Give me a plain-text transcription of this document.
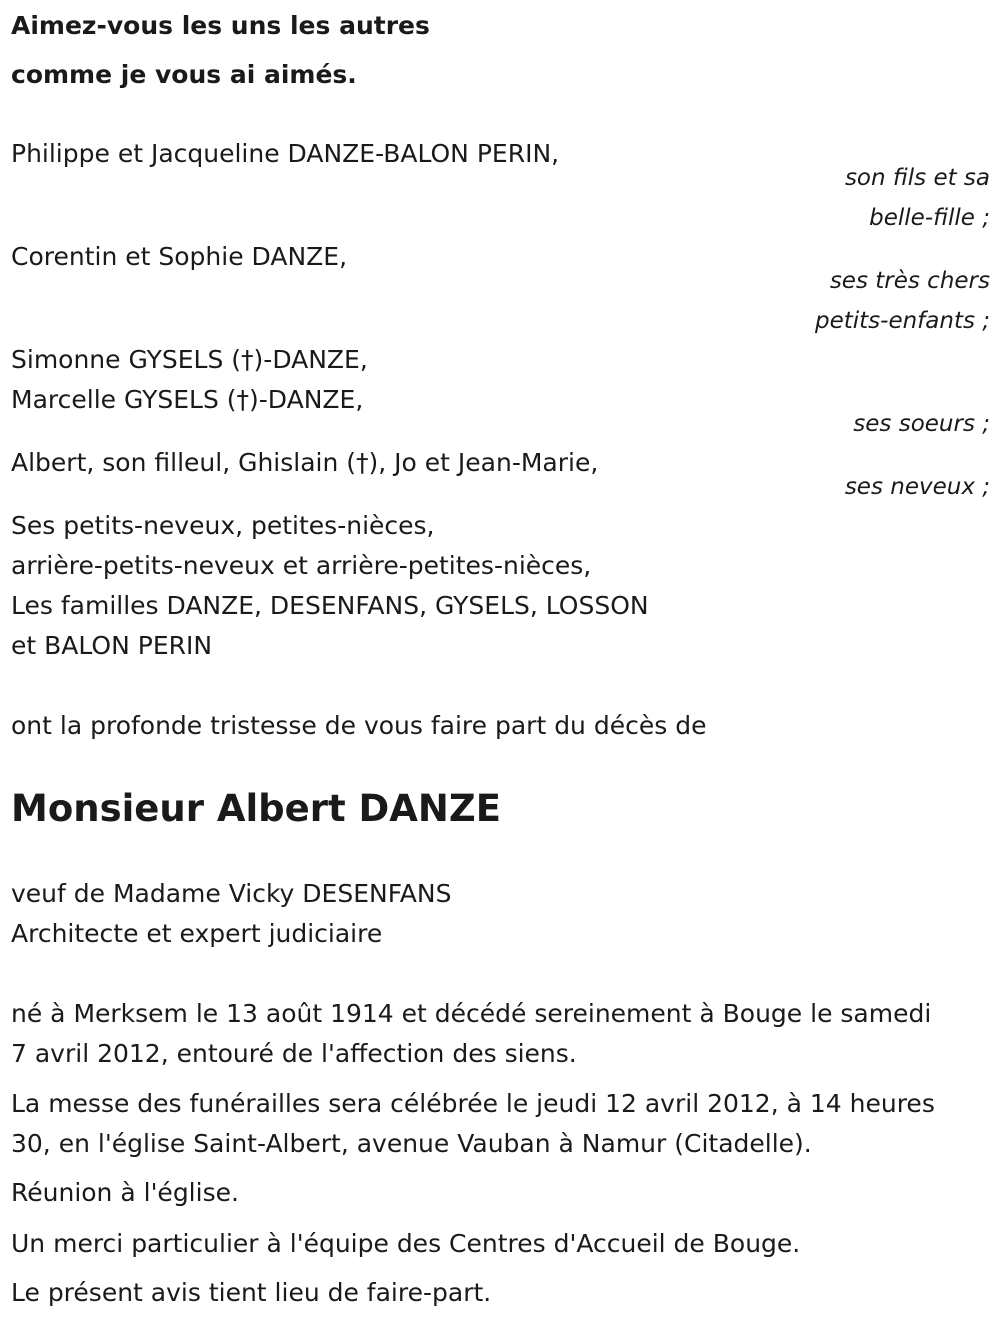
Aimez-vous les uns les autres
comme je vous ai aimés.
Philippe et Jacqueline DANZE-BALON PERIN,
son fils et sa
belle-fille ;
Corentin et Sophie DANZE,
ses très chers
petits-enfants ;
Simonne GYSELS (†)-DANZE,
Marcelle GYSELS (†)-DANZE,
ses soeurs ;
Albert, son filleul, Ghislain (†), Jo et Jean-Marie,
ses neveux ;
Ses petits-neveux, petites-nièces,
arrière-petits-neveux et arrière-petites-nièces,
Les familles DANZE, DESENFANS, GYSELS, LOSSON
et BALON PERIN
ont la profonde tristesse de vous faire part du décès de
Monsieur Albert DANZE
veuf de Madame Vicky DESENFANS
Architecte et expert judiciaire
né à Merksem le 13 août 1914 et décédé sereinement à Bouge le samedi
7 avril 2012, entouré de l'affection des siens.
La messe des funérailles sera célébrée le jeudi 12 avril 2012, à 14 heures
30, en l'église Saint-Albert, avenue Vauban à Namur (Citadelle).
Réunion à l'église.
Un merci particulier à l'équipe des Centres d'Accueil de Bouge.
Le présent avis tient lieu de faire-part.
